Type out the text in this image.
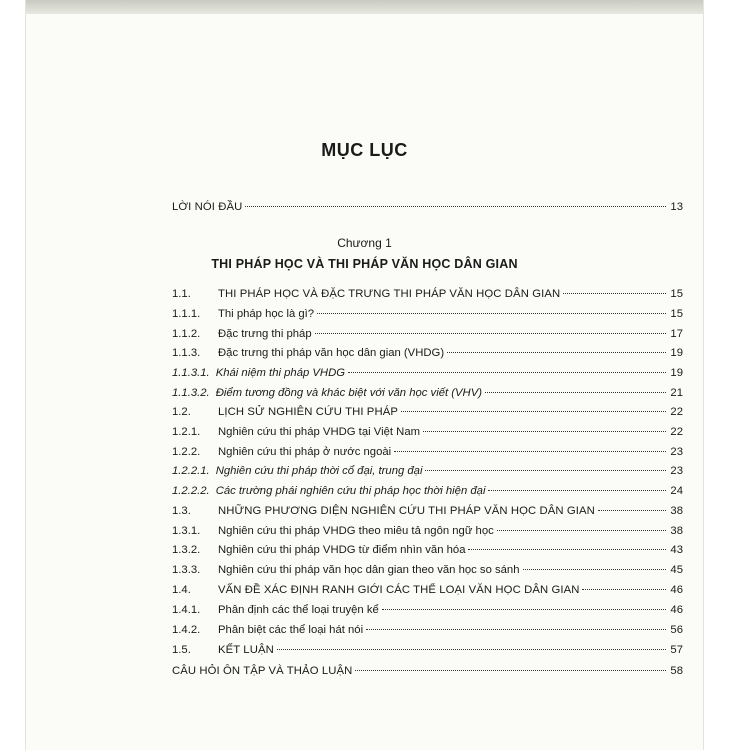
MỤC LỤC
LỜI NÓI ĐẦU	13
Chương 1
THI PHÁP HỌC VÀ THI PHÁP VĂN HỌC DÂN GIAN
1.1.	THI PHÁP HỌC VÀ ĐẶC TRƯNG THI PHÁP VĂN HỌC DÂN GIAN	15
1.1.1.	Thi pháp học là gì?	15
1.1.2.	Đặc trưng thi pháp	17
1.1.3.	Đặc trưng thi pháp văn học dân gian (VHDG)	19
1.1.3.1. Khái niệm thi pháp VHDG	19
1.1.3.2. Điểm tương đồng và khác biệt với văn học viết (VHV)	21
1.2.	LỊCH SỬ NGHIÊN CỨU THI PHÁP	22
1.2.1.	Nghiên cứu thi pháp VHDG tại Việt Nam	22
1.2.2.	Nghiên cứu thi pháp ở nước ngoài	23
1.2.2.1. Nghiên cứu thi pháp thời cổ đại, trung đại	23
1.2.2.2. Các trường phái nghiên cứu thi pháp học thời hiện đại	24
1.3.	NHỮNG PHƯƠNG DIỆN NGHIÊN CỨU THI PHÁP VĂN HỌC DÂN GIAN	38
1.3.1.	Nghiên cứu thi pháp VHDG theo miêu tả ngôn ngữ học	38
1.3.2.	Nghiên cứu thi pháp VHDG từ điểm nhìn văn hóa	43
1.3.3.	Nghiên cứu thi pháp văn học dân gian theo văn học so sánh	45
1.4.	VẤN ĐỀ XÁC ĐỊNH RANH GIỚI CÁC THỂ LOẠI VĂN HỌC DÂN GIAN	46
1.4.1.	Phân định các thể loại truyện kể	46
1.4.2.	Phân biệt các thể loại hát nói	56
1.5.	KẾT LUẬN	57
CÂU HỎI ÔN TẬP VÀ THẢO LUẬN	58
